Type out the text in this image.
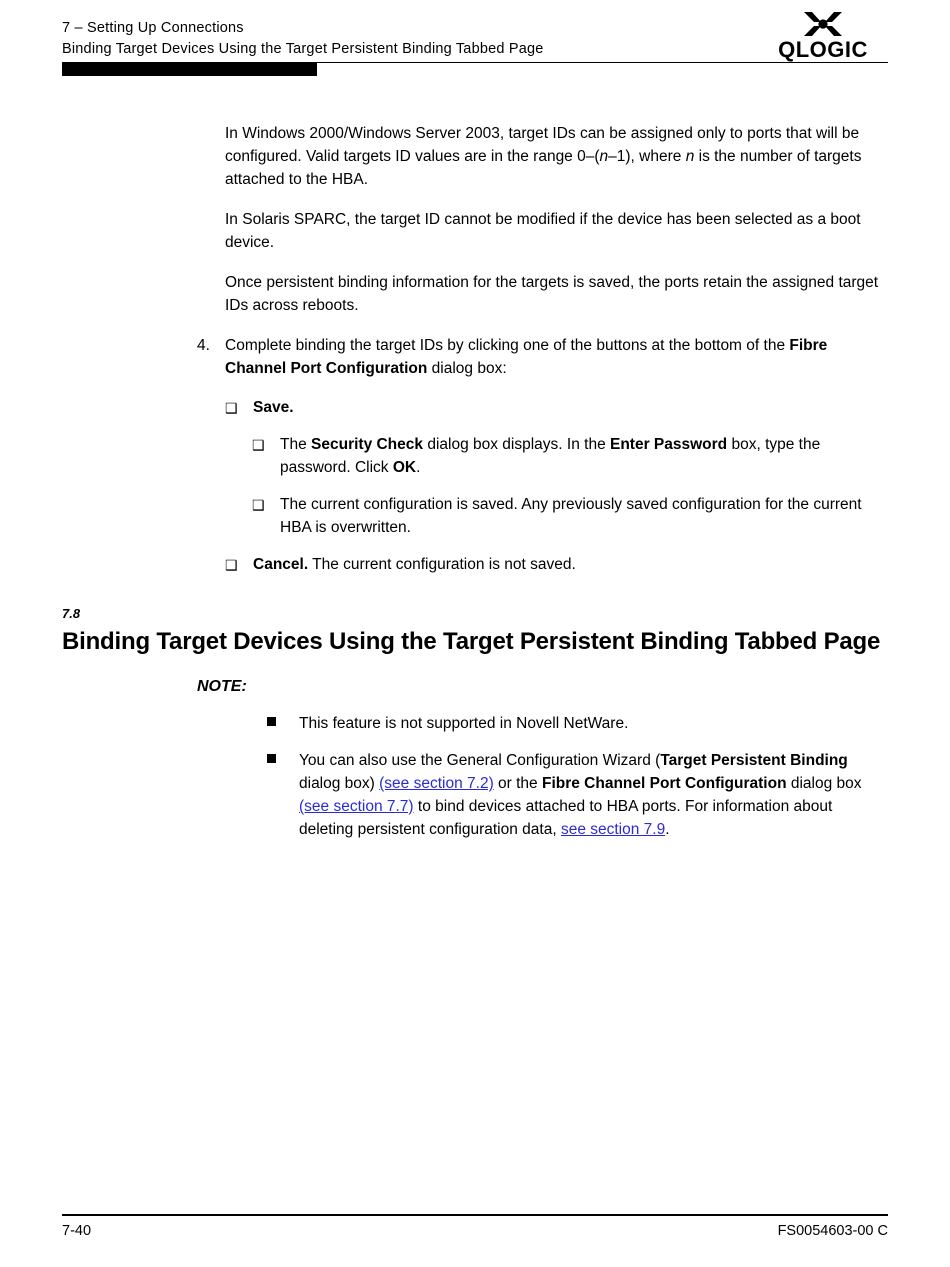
7 – Setting Up Connections
Binding Target Devices Using the Target Persistent Binding Tabbed Page	QLOGIC

In Windows 2000/Windows Server 2003, target IDs can be assigned only to ports that will be configured. Valid targets ID values are in the range 0–(n–1), where n is the number of targets attached to the HBA.

In Solaris SPARC, the target ID cannot be modified if the device has been selected as a boot device.

Once persistent binding information for the targets is saved, the ports retain the assigned target IDs across reboots.

4. Complete binding the target IDs by clicking one of the buttons at the bottom of the Fibre Channel Port Configuration dialog box:
❑ Save.
❑ The Security Check dialog box displays. In the Enter Password box, type the password. Click OK.
❑ The current configuration is saved. Any previously saved configuration for the current HBA is overwritten.
❑ Cancel. The current configuration is not saved.
7.8
Binding Target Devices Using the Target Persistent Binding Tabbed Page
NOTE:
This feature is not supported in Novell NetWare.
You can also use the General Configuration Wizard (Target Persistent Binding dialog box) (see section 7.2) or the Fibre Channel Port Configuration dialog box (see section 7.7) to bind devices attached to HBA ports. For information about deleting persistent configuration data, see section 7.9.
7-40	FS0054603-00 C
